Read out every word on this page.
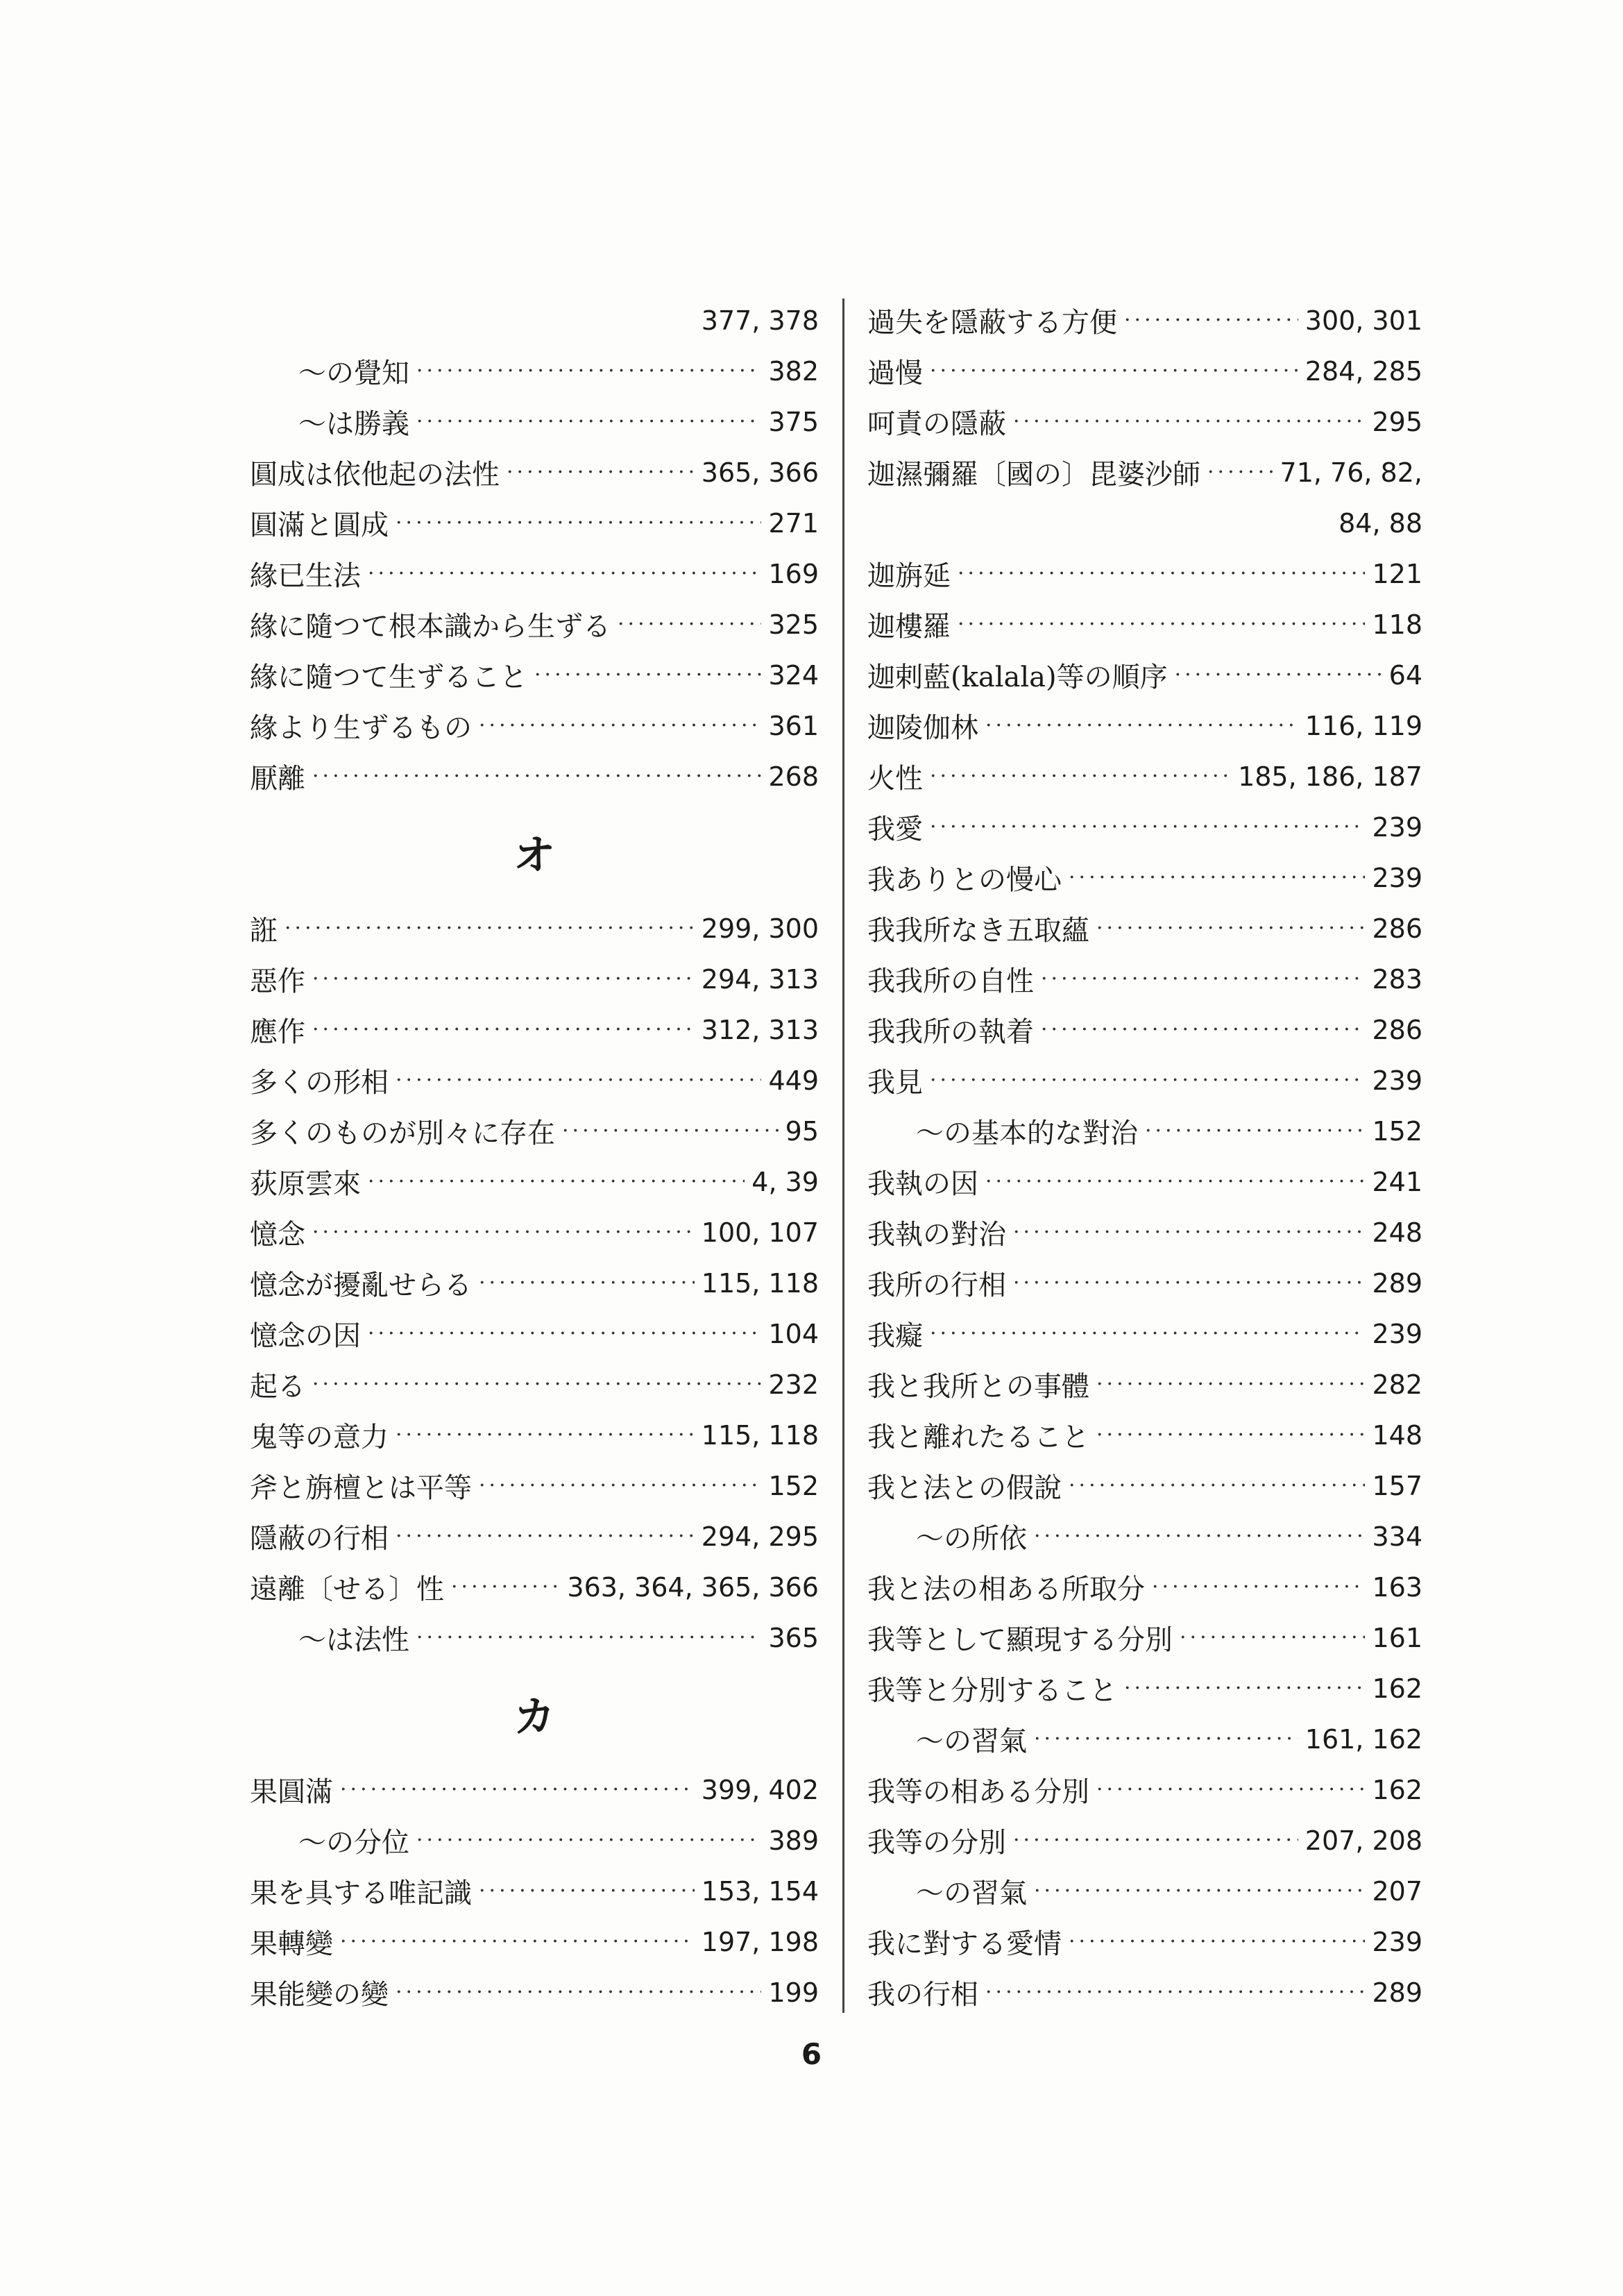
377, 378
〜の覺知 ·····	382
〜は勝義 ·····	375
圓成は依他起の法性 ·····	365, 366
圓滿と圓成 ·····	271
緣已生法 ·····	169
緣に隨つて根本識から生ずる ·····	325
緣に隨つて生ずること ·····	324
緣より生ずるもの ·····	361
厭離 ·····	268
オ
誑 ·····	299, 300
惡作 ·····	294, 313
應作 ·····	312, 313
多くの形相 ·····	449
多くのものが別々に存在 ·····	95
荻原雲來 ·····	4, 39
憶念 ·····	100, 107
憶念が擾亂せらる ·····	115, 118
憶念の因 ·····	104
起る ·····	232
鬼等の意力 ·····	115, 118
斧と旃檀とは平等 ·····	152
隱蔽の行相 ·····	294, 295
遠離〔せる〕性 ·····	363, 364, 365, 366
〜は法性 ·····	365
カ
果圓滿 ·····	399, 402
〜の分位 ·····	389
果を具する唯記識 ·····	153, 154
果轉變 ·····	197, 198
果能變の變 ·····	199
過失を隱蔽する方便 ·····	300, 301
過慢 ·····	284, 285
呵責の隱蔽 ·····	295
迦濕彌羅〔國の〕毘婆沙師 ·····	71, 76, 82,
84, 88
迦旃延 ·····	121
迦樓羅 ·····	118
迦剌藍(kalala)等の順序 ·····	64
迦陵伽林 ·····	116, 119
火性 ·····	185, 186, 187
我愛 ·····	239
我ありとの慢心 ·····	239
我我所なき五取蘊 ·····	286
我我所の自性 ·····	283
我我所の執着 ·····	286
我見 ·····	239
〜の基本的な對治 ·····	152
我執の因 ·····	241
我執の對治 ·····	248
我所の行相 ·····	289
我癡 ·····	239
我と我所との事體 ·····	282
我と離れたること ·····	148
我と法との假說 ·····	157
〜の所依 ·····	334
我と法の相ある所取分 ·····	163
我等として顯現する分別 ·····	161
我等と分別すること ·····	162
〜の習氣 ·····	161, 162
我等の相ある分別 ·····	162
我等の分別 ·····	207, 208
〜の習氣 ·····	207
我に對する愛情 ·····	239
我の行相 ·····	289
6
